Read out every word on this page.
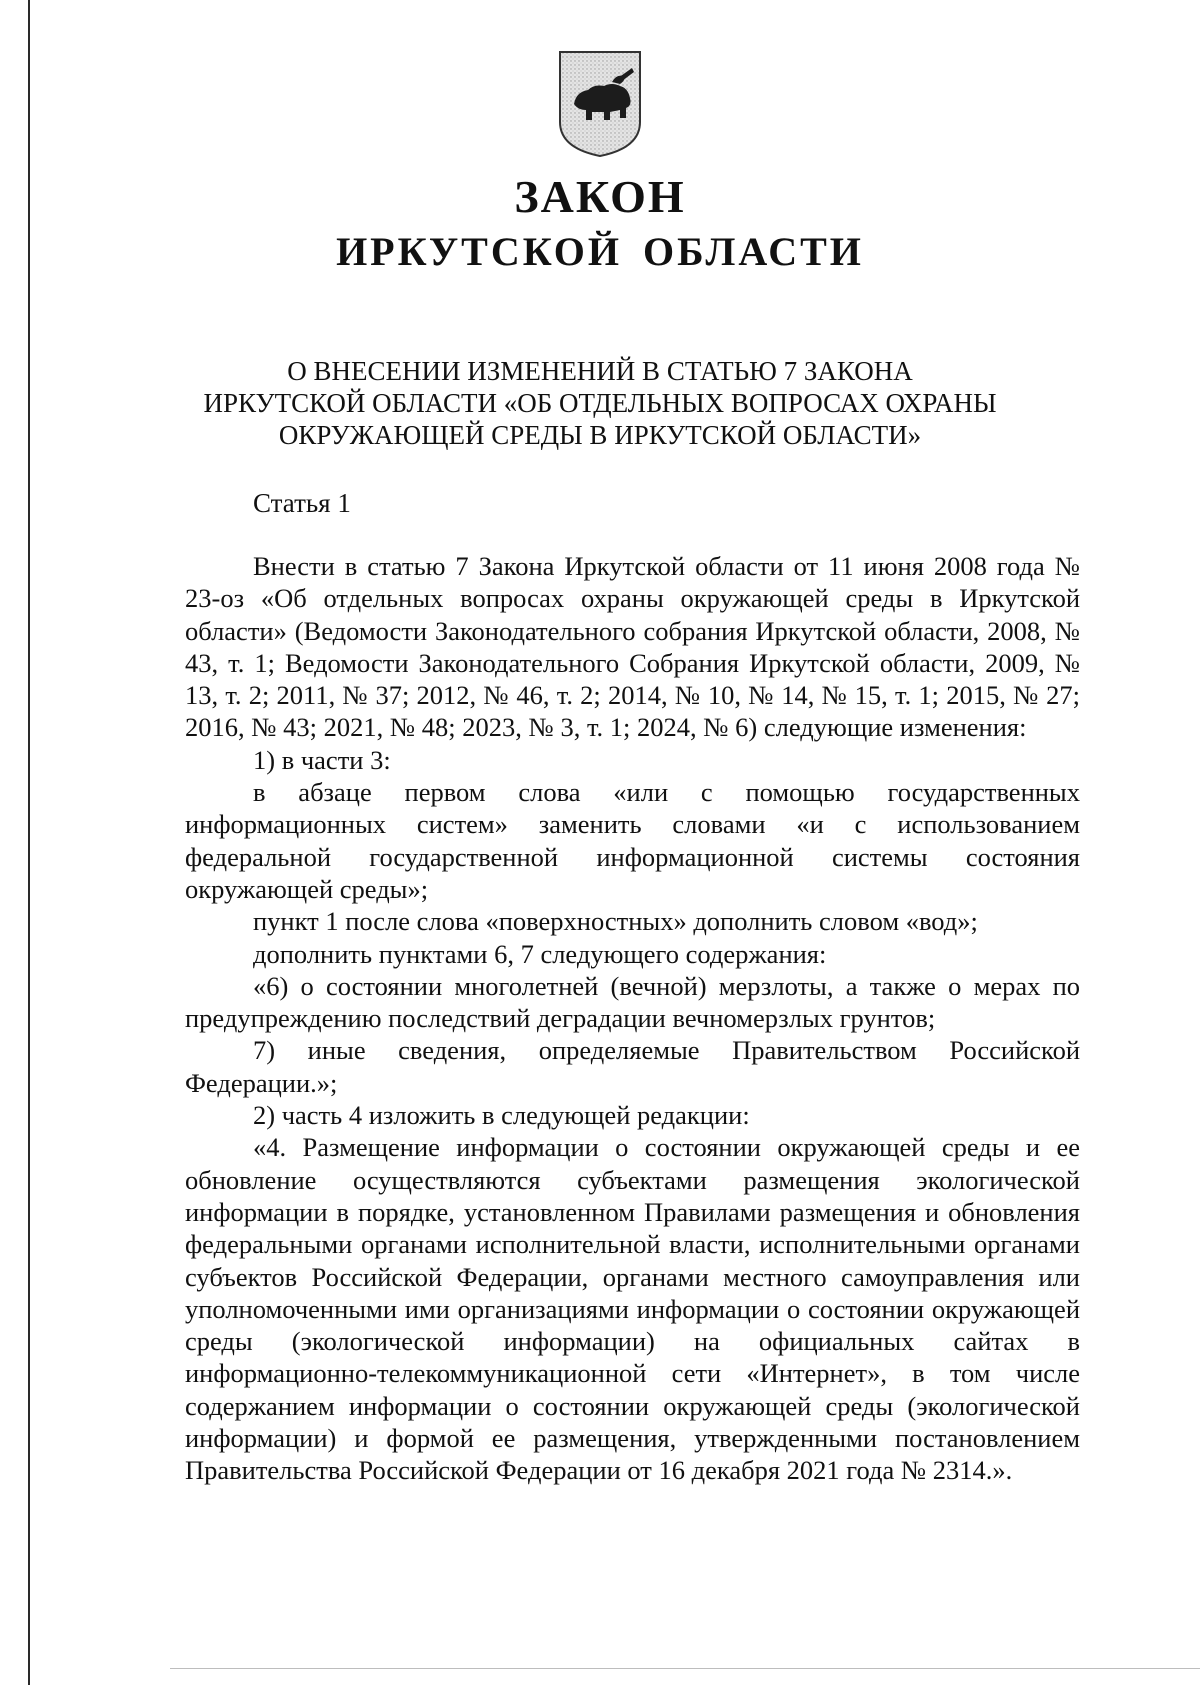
ЗАКОН
ИРКУТСКОЙ ОБЛАСТИ
О ВНЕСЕНИИ ИЗМЕНЕНИЙ В СТАТЬЮ 7 ЗАКОНА
ИРКУТСКОЙ ОБЛАСТИ «ОБ ОТДЕЛЬНЫХ ВОПРОСАХ ОХРАНЫ
ОКРУЖАЮЩЕЙ СРЕДЫ В ИРКУТСКОЙ ОБЛАСТИ»
Статья 1

Внести в статью 7 Закона Иркутской области от 11 июня 2008 года № 23-оз «Об отдельных вопросах охраны окружающей среды в Иркутской области» (Ведомости Законодательного собрания Иркутской области, 2008, № 43, т. 1; Ведомости Законодательного Собрания Иркутской области, 2009, № 13, т. 2; 2011, № 37; 2012, № 46, т. 2; 2014, № 10, № 14, № 15, т. 1; 2015, № 27; 2016, № 43; 2021, № 48; 2023, № 3, т. 1; 2024, № 6) следующие изменения:

1) в части 3:

в абзаце первом слова «или с помощью государственных информационных систем» заменить словами «и с использованием федеральной государственной информационной системы состояния окружающей среды»;

пункт 1 после слова «поверхностных» дополнить словом «вод»;

дополнить пунктами 6, 7 следующего содержания:

«6) о состоянии многолетней (вечной) мерзлоты, а также о мерах по предупреждению последствий деградации вечномерзлых грунтов;

7) иные сведения, определяемые Правительством Российской Федерации.»;

2) часть 4 изложить в следующей редакции:

«4. Размещение информации о состоянии окружающей среды и ее обновление осуществляются субъектами размещения экологической информации в порядке, установленном Правилами размещения и обновления федеральными органами исполнительной власти, исполнительными органами субъектов Российской Федерации, органами местного самоуправления или уполномоченными ими организациями информации о состоянии окружающей среды (экологической информации) на официальных сайтах в информационно-телекоммуникационной сети «Интернет», в том числе содержанием информации о состоянии окружающей среды (экологической информации) и формой ее размещения, утвержденными постановлением Правительства Российской Федерации от 16 декабря 2021 года № 2314.».
